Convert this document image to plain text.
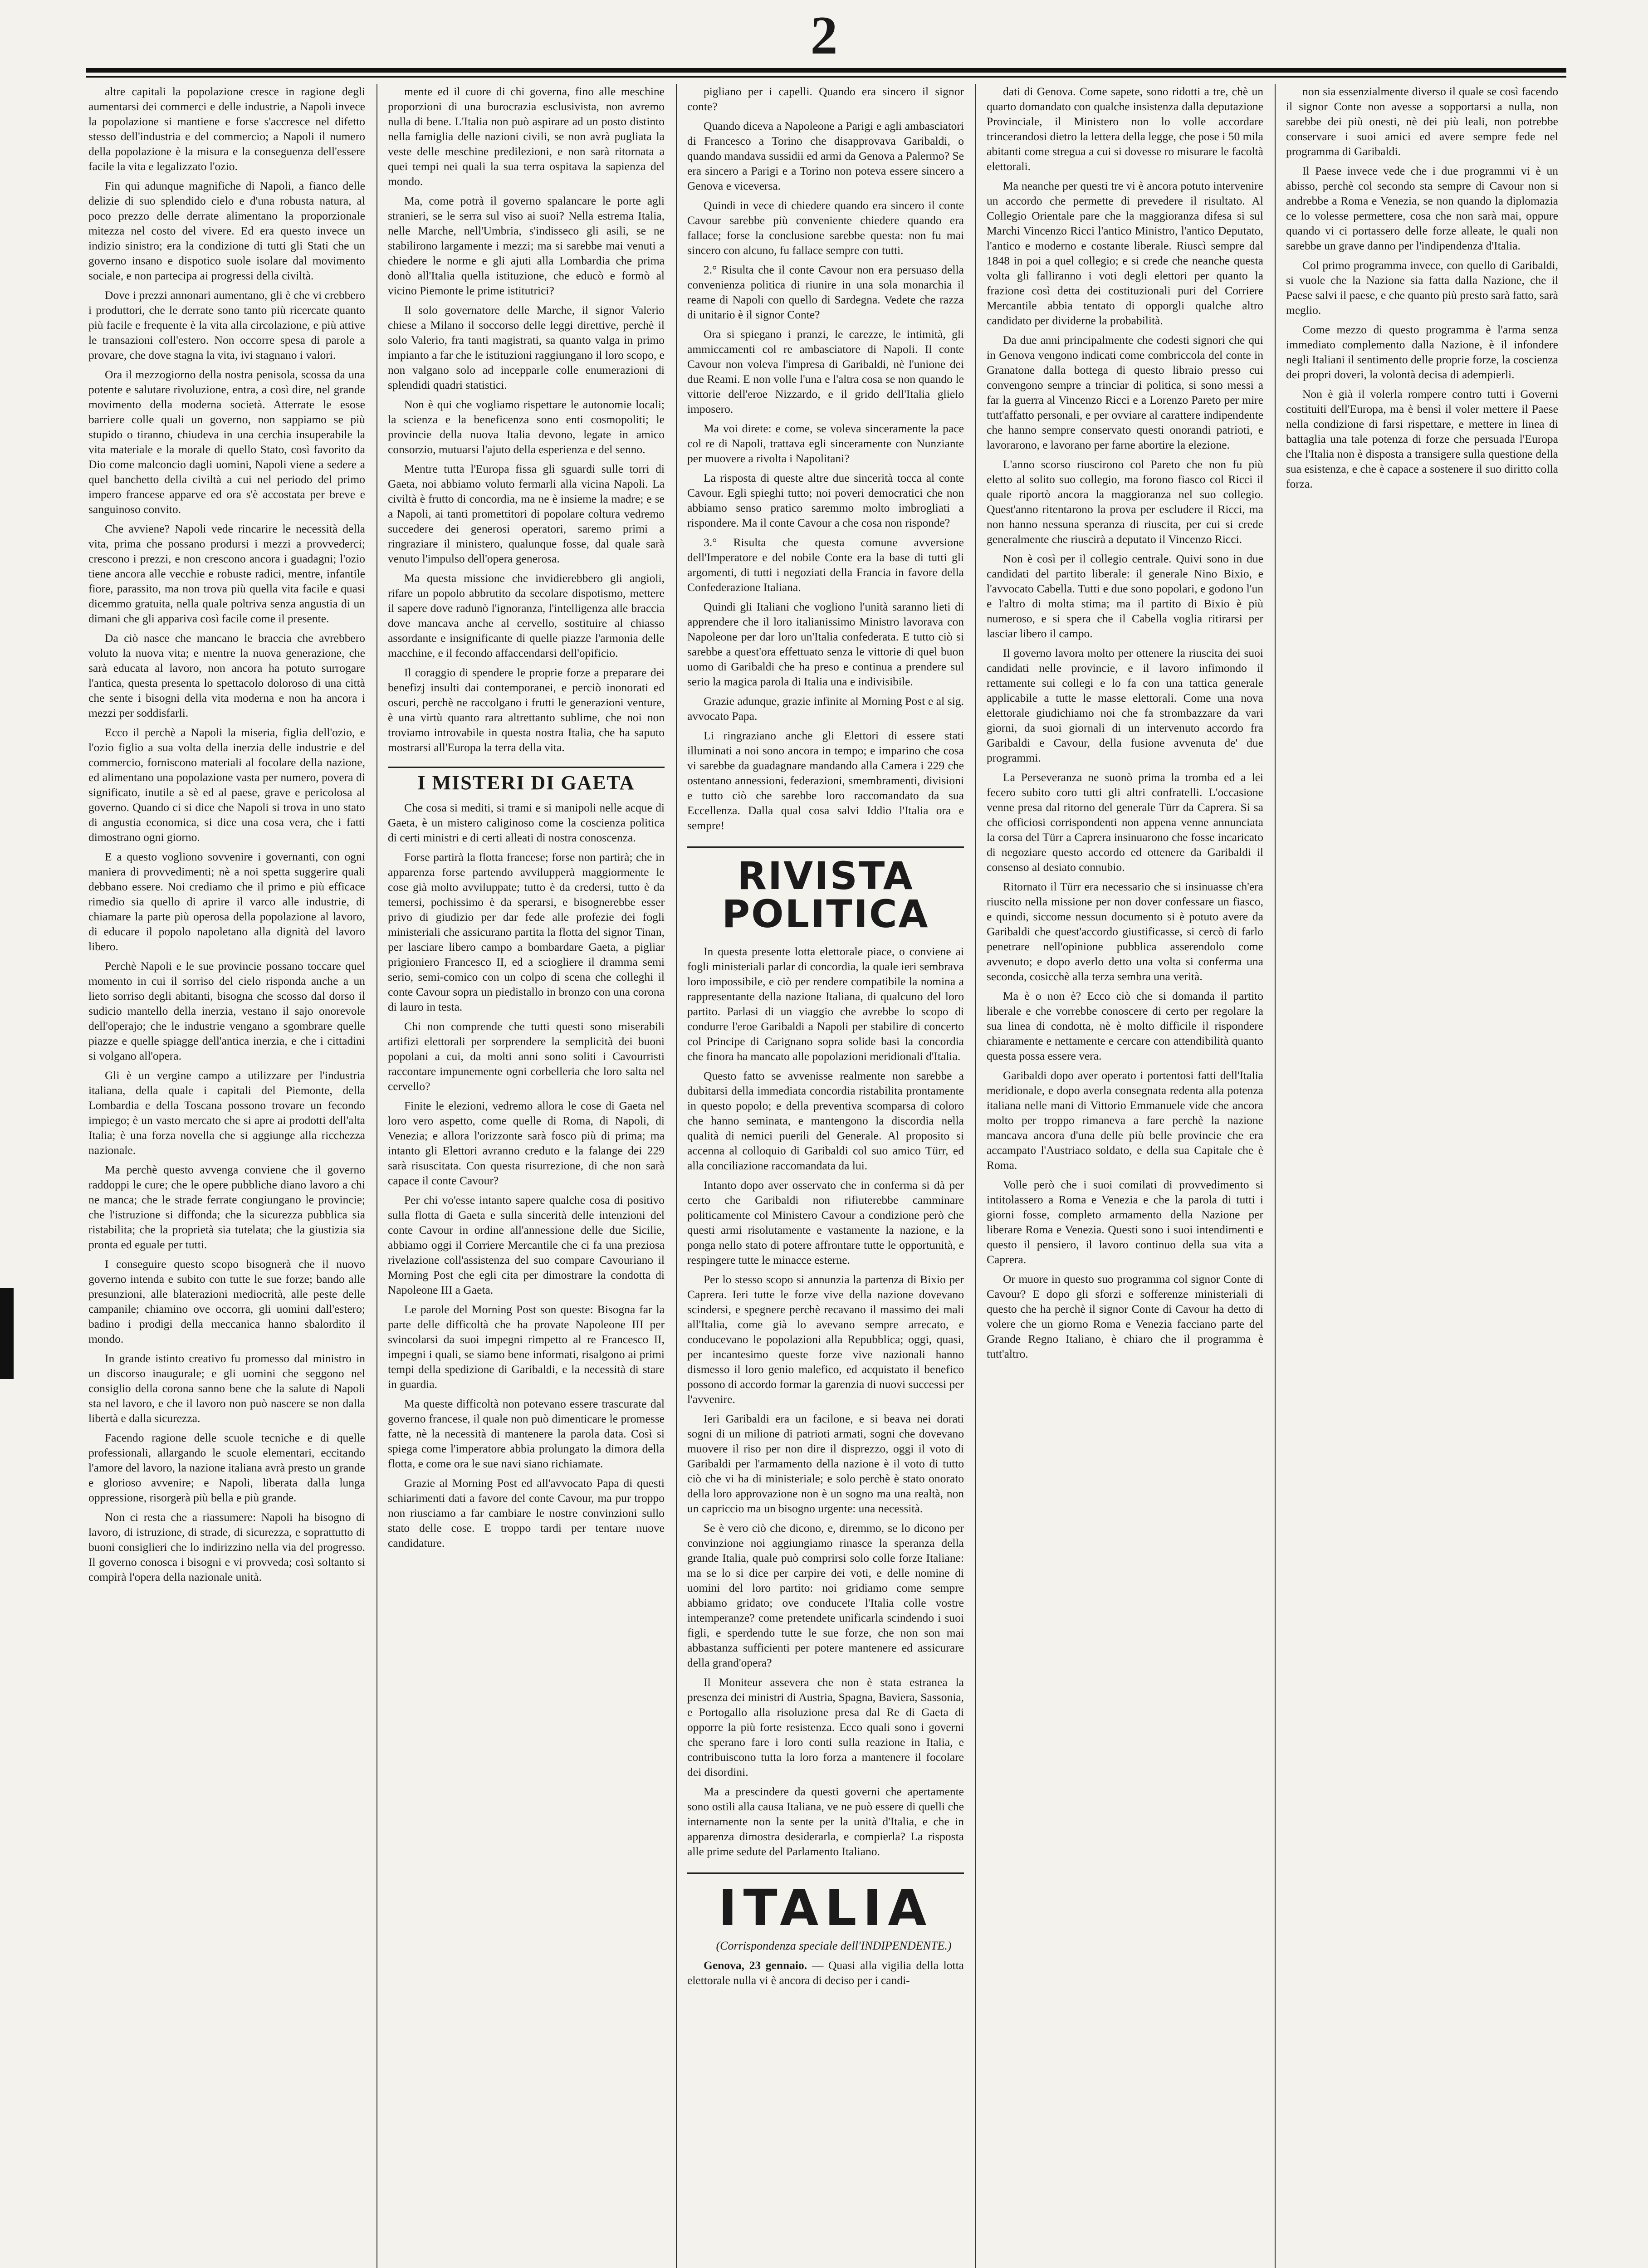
2

altre capitali la popolazione cresce in ragione degli aumentarsi dei commerci e delle industrie, a Napoli invece la popolazione si mantiene e forse s'accresce nel difetto stesso dell'industria e del commercio; a Napoli il numero della popolazione è la misura e la conseguenza dell'essere facile la vita e legalizzato l'ozio.

Fin qui adunque magnifiche di Napoli, a fianco delle delizie di suo splendido cielo e d'una robusta natura, al poco prezzo delle derrate alimentano la proporzionale mitezza nel costo del vivere. Ed era questo invece un indizio sinistro; era la condizione di tutti gli Stati che un governo insano e dispotico suole isolare dal movimento sociale, e non partecipa ai progressi della civiltà.

Dove i prezzi annonari aumentano, gli è che vi crebbero i produttori, che le derrate sono tanto più ricercate quanto più facile e frequente è la vita alla circolazione, e più attive le transazioni coll'estero. Non occorre spesa di parole a provare, che dove stagna la vita, ivi stagnano i valori.

Ora il mezzogiorno della nostra penisola, scossa da una potente e salutare rivoluzione, entra, a così dire, nel grande movimento della moderna società. Atterrate le esose barriere colle quali un governo, non sappiamo se più stupido o tiranno, chiudeva in una cerchia insuperabile la vita materiale e la morale di quello Stato, così favorito da Dio come malconcio dagli uomini, Napoli viene a sedere a quel banchetto della civiltà a cui nel periodo del primo impero francese apparve ed ora s'è accostata per breve e sanguinoso convito.

Che avviene? Napoli vede rincarire le necessità della vita, prima che possano prodursi i mezzi a provvederci; crescono i prezzi, e non crescono ancora i guadagni; l'ozio tiene ancora alle vecchie e robuste radici, mentre, infantile fiore, parassito, ma non trova più quella vita facile e quasi dicemmo gratuita, nella quale poltriva senza angustia di un dimani che gli appariva così facile come il presente.

Da ciò nasce che mancano le braccia che avrebbero voluto la nuova vita; e mentre la nuova generazione, che sarà educata al lavoro, non ancora ha potuto surrogare l'antica, questa presenta lo spettacolo doloroso di una città che sente i bisogni della vita moderna e non ha ancora i mezzi per soddisfarli.

Ecco il perchè a Napoli la miseria, figlia dell'ozio, e l'ozio figlio a sua volta della inerzia delle industrie e del commercio, forniscono materiali al focolare della nazione, ed alimentano una popolazione vasta per numero, povera di significato, inutile a sè ed al paese, grave e pericolosa al governo. Quando ci si dice che Napoli si trova in uno stato di angustia economica, si dice una cosa vera, che i fatti dimostrano ogni giorno.

E a questo vogliono sovvenire i governanti, con ogni maniera di provvedimenti; nè a noi spetta suggerire quali debbano essere. Noi crediamo che il primo e più efficace rimedio sia quello di aprire il varco alle industrie, di chiamare la parte più operosa della popolazione al lavoro, di educare il popolo napoletano alla dignità del lavoro libero.

Perchè Napoli e le sue provincie possano toccare quel momento in cui il sorriso del cielo risponda anche a un lieto sorriso degli abitanti, bisogna che scosso dal dorso il sudicio mantello della inerzia, vestano il sajo onorevole dell'operajo; che le industrie vengano a sgombrare quelle piazze e quelle spiagge dell'antica inerzia, e che i cittadini si volgano all'opera.

Gli è un vergine campo a utilizzare per l'industria italiana, della quale i capitali del Piemonte, della Lombardia e della Toscana possono trovare un fecondo impiego; è un vasto mercato che si apre ai prodotti dell'alta Italia; è una forza novella che si aggiunge alla ricchezza nazionale.

Ma perchè questo avvenga conviene che il governo raddoppi le cure; che le opere pubbliche diano lavoro a chi ne manca; che le strade ferrate congiungano le provincie; che l'istruzione si diffonda; che la sicurezza pubblica sia ristabilita; che la proprietà sia tutelata; che la giustizia sia pronta ed eguale per tutti.

I conseguire questo scopo bisognerà che il nuovo governo intenda e subito con tutte le sue forze; bando alle presunzioni, alle blaterazioni mediocrità, alle peste delle campanile; chiamino ove occorra, gli uomini dall'estero; badino i prodigi della meccanica hanno sbalordito il mondo.

In grande istinto creativo fu promesso dal ministro in un discorso inaugurale; e gli uomini che seggono nel consiglio della corona sanno bene che la salute di Napoli sta nel lavoro, e che il lavoro non può nascere se non dalla libertà e dalla sicurezza.

Facendo ragione delle scuole tecniche e di quelle professionali, allargando le scuole elementari, eccitando l'amore del lavoro, la nazione italiana avrà presto un grande e glorioso avvenire; e Napoli, liberata dalla lunga oppressione, risorgerà più bella e più grande.

Non ci resta che a riassumere: Napoli ha bisogno di lavoro, di istruzione, di strade, di sicurezza, e soprattutto di buoni consiglieri che lo indirizzino nella via del progresso. Il governo conosca i bisogni e vi provveda; così soltanto si compirà l'opera della nazionale unità.

mente ed il cuore di chi governa, fino alle meschine proporzioni di una burocrazia esclusivista, non avremo nulla di bene. L'Italia non può aspirare ad un posto distinto nella famiglia delle nazioni civili, se non avrà pugliata la veste delle meschine predilezioni, e non sarà ritornata a quei tempi nei quali la sua terra ospitava la sapienza del mondo.

Ma, come potrà il governo spalancare le porte agli stranieri, se le serra sul viso ai suoi? Nella estrema Italia, nelle Marche, nell'Umbria, s'indisseco gli asili, se ne stabilirono largamente i mezzi; ma si sarebbe mai venuti a chiedere le norme e gli ajuti alla Lombardia che prima donò all'Italia quella istituzione, che educò e formò al vicino Piemonte le prime istitutrici?

Il solo governatore delle Marche, il signor Valerio chiese a Milano il soccorso delle leggi direttive, perchè il solo Valerio, fra tanti magistrati, sa quanto valga in primo impianto a far che le istituzioni raggiungano il loro scopo, e non valgano solo ad incepparle colle enumerazioni di splendidi quadri statistici.

Non è qui che vogliamo rispettare le autonomie locali; la scienza e la beneficenza sono enti cosmopoliti; le provincie della nuova Italia devono, legate in amico consorzio, mutuarsi l'ajuto della esperienza e del senno.

Mentre tutta l'Europa fissa gli sguardi sulle torri di Gaeta, noi abbiamo voluto fermarli alla vicina Napoli. La civiltà è frutto di concordia, ma ne è insieme la madre; e se a Napoli, ai tanti promettitori di popolare coltura vedremo succedere dei generosi operatori, saremo primi a ringraziare il ministero, qualunque fosse, dal quale sarà venuto l'impulso dell'opera generosa.

Ma questa missione che invidierebbero gli angioli, rifare un popolo abbrutito da secolare dispotismo, mettere il sapere dove radunò l'ignoranza, l'intelligenza alle braccia dove mancava anche al cervello, sostituire al chiasso assordante e insignificante di quelle piazze l'armonia delle macchine, e il fecondo affaccendarsi dell'opificio.

Il coraggio di spendere le proprie forze a preparare dei benefizj insulti dai contemporanei, e perciò inonorati ed oscuri, perchè ne raccolgano i frutti le generazioni venture, è una virtù quanto rara altrettanto sublime, che noi non troviamo introvabile in questa nostra Italia, che ha saputo mostrarsi all'Europa la terra della vita.

I MISTERI DI GAETA

Che cosa si mediti, si trami e si manipoli nelle acque di Gaeta, è un mistero caliginoso come la coscienza politica di certi ministri e di certi alleati di nostra conoscenza.

Forse partirà la flotta francese; forse non partirà; che in apparenza forse partendo avvilupperà maggiormente le cose già molto avviluppate; tutto è da credersi, tutto è da temersi, pochissimo è da sperarsi, e bisognerebbe esser privo di giudizio per dar fede alle profezie dei fogli ministeriali che assicurano partita la flotta del signor Tinan, per lasciare libero campo a bombardare Gaeta, a pigliar prigioniero Francesco II, ed a sciogliere il dramma semi serio, semi-comico con un colpo di scena che colleghi il conte Cavour sopra un piedistallo in bronzo con una corona di lauro in testa.

Chi non comprende che tutti questi sono miserabili artifizi elettorali per sorprendere la semplicità dei buoni popolani a cui, da molti anni sono soliti i Cavourristi raccontare impunemente ogni corbelleria che loro salta nel cervello?

Finite le elezioni, vedremo allora le cose di Gaeta nel loro vero aspetto, come quelle di Roma, di Napoli, di Venezia; e allora l'orizzonte sarà fosco più di prima; ma intanto gli Elettori avranno creduto e la falange dei 229 sarà risuscitata. Con questa risurrezione, di che non sarà capace il conte Cavour?

Per chi vo'esse intanto sapere qualche cosa di positivo sulla flotta di Gaeta e sulla sincerità delle intenzioni del conte Cavour in ordine all'annessione delle due Sicilie, abbiamo oggi il Corriere Mercantile che ci fa una preziosa rivelazione coll'assistenza del suo compare Cavouriano il Morning Post che egli cita per dimostrare la condotta di Napoleone III a Gaeta.

Le parole del Morning Post son queste: Bisogna far la parte delle difficoltà che ha provate Napoleone III per svincolarsi da suoi impegni rimpetto al re Francesco II, impegni i quali, se siamo bene informati, risalgono ai primi tempi della spedizione di Garibaldi, e la necessità di stare in guardia.

Ma queste difficoltà non potevano essere trascurate dal governo francese, il quale non può dimenticare le promesse fatte, nè la necessità di mantenere la parola data. Così si spiega come l'imperatore abbia prolungato la dimora della flotta, e come ora le sue navi siano richiamate.

Grazie al Morning Post ed all'avvocato Papa di questi schiarimenti dati a favore del conte Cavour, ma pur troppo non riusciamo a far cambiare le nostre convinzioni sullo stato delle cose. E troppo tardi per tentare nuove candidature.

pigliano per i capelli. Quando era sincero il signor conte?

Quando diceva a Napoleone a Parigi e agli ambasciatori di Francesco a Torino che disapprovava Garibaldi, o quando mandava sussidii ed armi da Genova a Palermo? Se era sincero a Parigi e a Torino non poteva essere sincero a Genova e viceversa.

Quindi in vece di chiedere quando era sincero il conte Cavour sarebbe più conveniente chiedere quando era fallace; forse la conclusione sarebbe questa: non fu mai sincero con alcuno, fu fallace sempre con tutti.

2.° Risulta che il conte Cavour non era persuaso della convenienza politica di riunire in una sola monarchia il reame di Napoli con quello di Sardegna. Vedete che razza di unitario è il signor Conte?

Ora si spiegano i pranzi, le carezze, le intimità, gli ammiccamenti col re ambasciatore di Napoli. Il conte Cavour non voleva l'impresa di Garibaldi, nè l'unione dei due Reami. E non volle l'una e l'altra cosa se non quando le vittorie dell'eroe Nizzardo, e il grido dell'Italia glielo imposero.

Ma voi direte: e come, se voleva sinceramente la pace col re di Napoli, trattava egli sinceramente con Nunziante per muovere a rivolta i Napolitani?

La risposta di queste altre due sincerità tocca al conte Cavour. Egli spieghi tutto; noi poveri democratici che non abbiamo senso pratico saremmo molto imbrogliati a rispondere. Ma il conte Cavour a che cosa non risponde?

3.° Risulta che questa comune avversione dell'Imperatore e del nobile Conte era la base di tutti gli argomenti, di tutti i negoziati della Francia in favore della Confederazione Italiana.

Quindi gli Italiani che vogliono l'unità saranno lieti di apprendere che il loro italianissimo Ministro lavorava con Napoleone per dar loro un'Italia confederata. E tutto ciò si sarebbe a quest'ora effettuato senza le vittorie di quel buon uomo di Garibaldi che ha preso e continua a prendere sul serio la magica parola di Italia una e indivisibile.

Grazie adunque, grazie infinite al Morning Post e al sig. avvocato Papa.

Li ringraziano anche gli Elettori di essere stati illuminati a noi sono ancora in tempo; e imparino che cosa vi sarebbe da guadagnare mandando alla Camera i 229 che ostentano annessioni, federazioni, smembramenti, divisioni e tutto ciò che sarebbe loro raccomandato da sua Eccellenza. Dalla qual cosa salvi Iddio l'Italia ora e sempre!

RIVISTA POLITICA

In questa presente lotta elettorale piace, o conviene ai fogli ministeriali parlar di concordia, la quale ieri sembrava loro impossibile, e ciò per rendere compatibile la nomina a rappresentante della nazione Italiana, di qualcuno del loro partito. Parlasi di un viaggio che avrebbe lo scopo di condurre l'eroe Garibaldi a Napoli per stabilire di concerto col Principe di Carignano sopra solide basi la concordia che finora ha mancato alle popolazioni meridionali d'Italia.

Questo fatto se avvenisse realmente non sarebbe a dubitarsi della immediata concordia ristabilita prontamente in questo popolo; e della preventiva scomparsa di coloro che hanno seminata, e mantengono la discordia nella qualità di nemici puerili del Generale. Al proposito si accenna al colloquio di Garibaldi col suo amico Türr, ed alla conciliazione raccomandata da lui.

Intanto dopo aver osservato che in conferma si dà per certo che Garibaldi non rifiuterebbe camminare politicamente col Ministero Cavour a condizione però che questi armi risolutamente e vastamente la nazione, e la ponga nello stato di potere affrontare tutte le opportunità, e respingere tutte le minacce esterne.

Per lo stesso scopo si annunzia la partenza di Bixio per Caprera. Ieri tutte le forze vive della nazione dovevano scindersi, e spegnere perchè recavano il massimo dei mali all'Italia, come già lo avevano sempre arrecato, e conducevano le popolazioni alla Repubblica; oggi, quasi, per incantesimo queste forze vive nazionali hanno dismesso il loro genio malefico, ed acquistato il benefico possono di accordo formar la garenzia di nuovi successi per l'avvenire.

Ieri Garibaldi era un facilone, e si beava nei dorati sogni di un milione di patrioti armati, sogni che dovevano muovere il riso per non dire il disprezzo, oggi il voto di Garibaldi per l'armamento della nazione è il voto di tutto ciò che vi ha di ministeriale; e solo perchè è stato onorato della loro approvazione non è un sogno ma una realtà, non un capriccio ma un bisogno urgente: una necessità.

Se è vero ciò che dicono, e, diremmo, se lo dicono per convinzione noi aggiungiamo rinasce la speranza della grande Italia, quale può comprirsi solo colle forze Italiane: ma se lo si dice per carpire dei voti, e delle nomine di uomini del loro partito: noi gridiamo come sempre abbiamo gridato; ove conducete l'Italia colle vostre intemperanze? come pretendete unificarla scindendo i suoi figli, e sperdendo tutte le sue forze, che non son mai abbastanza sufficienti per potere mantenere ed assicurare della grand'opera?

Il Moniteur assevera che non è stata estranea la presenza dei ministri di Austria, Spagna, Baviera, Sassonia, e Portogallo alla risoluzione presa dal Re di Gaeta di opporre la più forte resistenza. Ecco quali sono i governi che sperano fare i loro conti sulla reazione in Italia, e contribuiscono tutta la loro forza a mantenere il focolare dei disordini.

Ma a prescindere da questi governi che apertamente sono ostili alla causa Italiana, ve ne può essere di quelli che internamente non la sente per la unità d'Italia, e che in apparenza dimostra desiderarla, e compierla? La risposta alle prime sedute del Parlamento Italiano.

ITALIA

(Corrispondenza speciale dell'INDIPENDENTE.)

Genova, 23 gennaio. — Quasi alla vigilia della lotta elettorale nulla vi è ancora di deciso per i candi-

dati di Genova. Come sapete, sono ridotti a tre, chè un quarto domandato con qualche insistenza dalla deputazione Provinciale, il Ministero non lo volle accordare trincerandosi dietro la lettera della legge, che pose i 50 mila abitanti come stregua a cui si dovesse ro misurare le facoltà elettorali.

Ma neanche per questi tre vi è ancora potuto intervenire un accordo che permette di prevedere il risultato. Al Collegio Orientale pare che la maggioranza difesa si sul Marchi Vincenzo Ricci l'antico Ministro, l'antico Deputato, l'antico e moderno e costante liberale. Riuscì sempre dal 1848 in poi a quel collegio; e si crede che neanche questa volta gli falliranno i voti degli elettori per quanto la frazione così detta dei costituzionali puri del Corriere Mercantile abbia tentato di opporgli qualche altro candidato per dividerne la probabilità.

Da due anni principalmente che codesti signori che qui in Genova vengono indicati come combriccola del conte in Granatone dalla bottega di questo libraio presso cui convengono sempre a trinciar di politica, si sono messi a far la guerra al Vincenzo Ricci e a Lorenzo Pareto per mire tutt'affatto personali, e per ovviare al carattere indipendente che hanno sempre conservato questi onorandi patrioti, e lavorarono, e lavorano per farne abortire la elezione.

L'anno scorso riuscirono col Pareto che non fu più eletto al solito suo collegio, ma forono fiasco col Ricci il quale riportò ancora la maggioranza nel suo collegio. Quest'anno ritentarono la prova per escludere il Ricci, ma non hanno nessuna speranza di riuscita, per cui si crede generalmente che riuscirà a deputato il Vincenzo Ricci.

Non è così per il collegio centrale. Quivi sono in due candidati del partito liberale: il generale Nino Bixio, e l'avvocato Cabella. Tutti e due sono popolari, e godono l'un e l'altro di molta stima; ma il partito di Bixio è più numeroso, e si spera che il Cabella voglia ritirarsi per lasciar libero il campo.

Il governo lavora molto per ottenere la riuscita dei suoi candidati nelle provincie, e il lavoro infimondo il rettamente sui collegi e lo fa con una tattica generale applicabile a tutte le masse elettorali. Come una nova elettorale giudichiamo noi che fa strombazzare da vari giorni, da suoi giornali di un intervenuto accordo fra Garibaldi e Cavour, della fusione avvenuta de' due programmi.

La Perseveranza ne suonò prima la tromba ed a lei fecero subito coro tutti gli altri confratelli. L'occasione venne presa dal ritorno del generale Türr da Caprera. Si sa che officiosi corrispondenti non appena venne annunciata la corsa del Türr a Caprera insinuarono che fosse incaricato di negoziare questo accordo ed ottenere da Garibaldi il consenso al desiato connubio.

Ritornato il Türr era necessario che si insinuasse ch'era riuscito nella missione per non dover confessare un fiasco, e quindi, siccome nessun documento si è potuto avere da Garibaldi che quest'accordo giustificasse, si cercò di farlo penetrare nell'opinione pubblica asserendolo come avvenuto; e dopo averlo detto una volta si conferma una seconda, cosicchè alla terza sembra una verità.

Ma è o non è? Ecco ciò che si domanda il partito liberale e che vorrebbe conoscere di certo per regolare la sua linea di condotta, nè è molto difficile il rispondere chiaramente e nettamente e cercare con attendibilità quanto questa possa essere vera.

Garibaldi dopo aver operato i portentosi fatti dell'Italia meridionale, e dopo averla consegnata redenta alla potenza italiana nelle mani di Vittorio Emmanuele vide che ancora molto per troppo rimaneva a fare perchè la nazione mancava ancora d'una delle più belle provincie che era accampato l'Austriaco soldato, e della sua Capitale che è Roma.

Volle però che i suoi comilati di provvedimento si intitolassero a Roma e Venezia e che la parola di tutti i giorni fosse, completo armamento della Nazione per liberare Roma e Venezia. Questi sono i suoi intendimenti e questo il pensiero, il lavoro continuo della sua vita a Caprera.

Or muore in questo suo programma col signor Conte di Cavour? E dopo gli sforzi e sofferenze ministeriali di questo che ha perchè il signor Conte di Cavour ha detto di volere che un giorno Roma e Venezia facciano parte del Grande Regno Italiano, è chiaro che il programma è tutt'altro.

non sia essenzialmente diverso il quale se così facendo il signor Conte non avesse a sopportarsi a nulla, non sarebbe dei più onesti, nè dei più leali, non potrebbe conservare i suoi amici ed avere sempre fede nel programma di Garibaldi.

Il Paese invece vede che i due programmi vi è un abisso, perchè col secondo sta sempre di Cavour non si andrebbe a Roma e Venezia, se non quando la diplomazia ce lo volesse permettere, cosa che non sarà mai, oppure quando vi ci portassero delle forze alleate, le quali non sarebbe un grave danno per l'indipendenza d'Italia.

Col primo programma invece, con quello di Garibaldi, si vuole che la Nazione sia fatta dalla Nazione, che il Paese salvi il paese, e che quanto più presto sarà fatto, sarà meglio.

Come mezzo di questo programma è l'arma senza immediato complemento dalla Nazione, è il infondere negli Italiani il sentimento delle proprie forze, la coscienza dei propri doveri, la volontà decisa di adempierli.

Non è già il volerla rompere contro tutti i Governi costituiti dell'Europa, ma è bensì il voler mettere il Paese nella condizione di farsi rispettare, e mettere in linea di battaglia una tale potenza di forze che persuada l'Europa che l'Italia non è disposta a transigere sulla questione della sua esistenza, e che è capace a sostenere il suo diritto colla forza.
